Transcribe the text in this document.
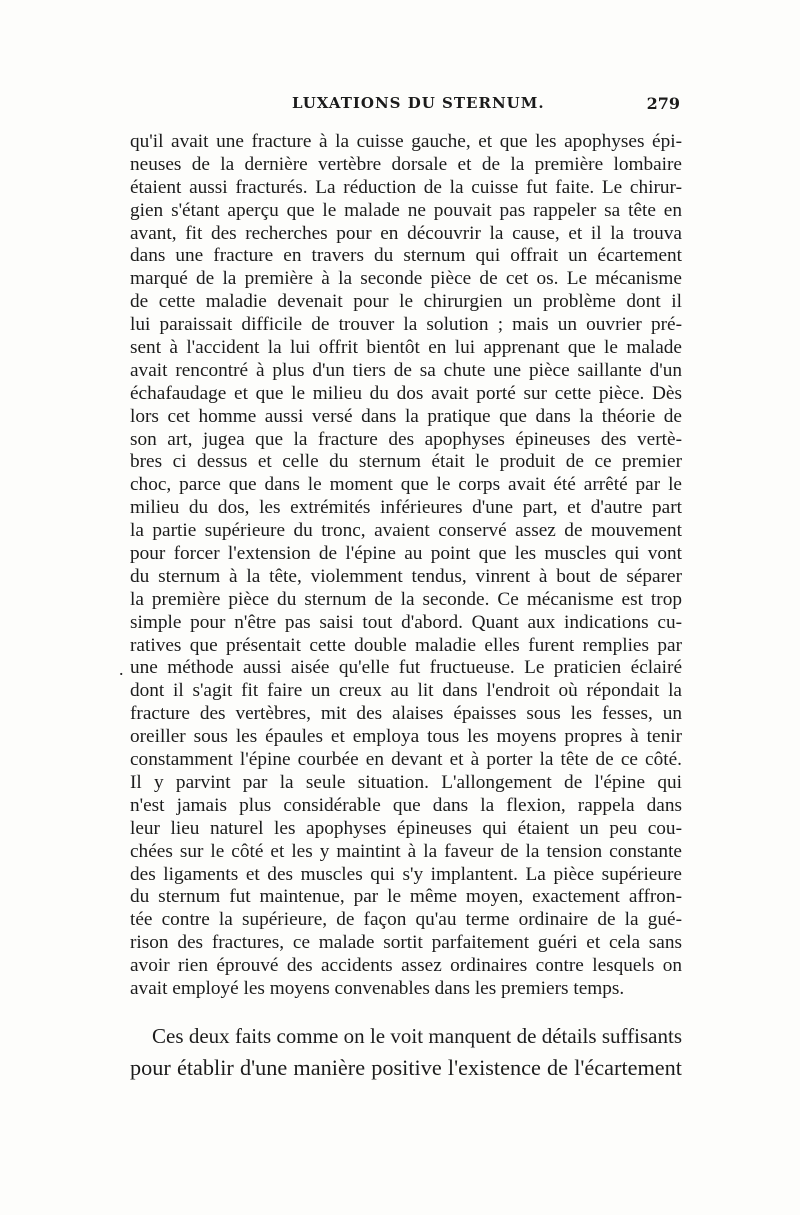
LUXATIONS DU STERNUM.	279
.
qu'il avait une fracture à la cuisse gauche, et que les apophyses épi-
neuses de la dernière vertèbre dorsale et de la première lombaire
étaient aussi fracturés. La réduction de la cuisse fut faite. Le chirur-
gien s'étant aperçu que le malade ne pouvait pas rappeler sa tête en
avant, fit des recherches pour en découvrir la cause, et il la trouva
dans une fracture en travers du sternum qui offrait un écartement
marqué de la première à la seconde pièce de cet os. Le mécanisme
de cette maladie devenait pour le chirurgien un problème dont il
lui paraissait difficile de trouver la solution ; mais un ouvrier pré-
sent à l'accident la lui offrit bientôt en lui apprenant que le malade
avait rencontré à plus d'un tiers de sa chute une pièce saillante d'un
échafaudage et que le milieu du dos avait porté sur cette pièce. Dès
lors cet homme aussi versé dans la pratique que dans la théorie de
son art, jugea que la fracture des apophyses épineuses des vertè-
bres ci dessus et celle du sternum était le produit de ce premier
choc, parce que dans le moment que le corps avait été arrêté par le
milieu du dos, les extrémités inférieures d'une part, et d'autre part
la partie supérieure du tronc, avaient conservé assez de mouvement
pour forcer l'extension de l'épine au point que les muscles qui vont
du sternum à la tête, violemment tendus, vinrent à bout de séparer
la première pièce du sternum de la seconde. Ce mécanisme est trop
simple pour n'être pas saisi tout d'abord. Quant aux indications cu-
ratives que présentait cette double maladie elles furent remplies par
une méthode aussi aisée qu'elle fut fructueuse. Le praticien éclairé
dont il s'agit fit faire un creux au lit dans l'endroit où répondait la
fracture des vertèbres, mit des alaises épaisses sous les fesses, un
oreiller sous les épaules et employa tous les moyens propres à tenir
constamment l'épine courbée en devant et à porter la tête de ce côté.
Il y parvint par la seule situation. L'allongement de l'épine qui
n'est jamais plus considérable que dans la flexion, rappela dans
leur lieu naturel les apophyses épineuses qui étaient un peu cou-
chées sur le côté et les y maintint à la faveur de la tension constante
des ligaments et des muscles qui s'y implantent. La pièce supérieure
du sternum fut maintenue, par le même moyen, exactement affron-
tée contre la supérieure, de façon qu'au terme ordinaire de la gué-
rison des fractures, ce malade sortit parfaitement guéri et cela sans
avoir rien éprouvé des accidents assez ordinaires contre lesquels on
avait employé les moyens convenables dans les premiers temps.
Ces deux faits comme on le voit manquent de détails suffisants
pour établir d'une manière positive l'existence de l'écartement
